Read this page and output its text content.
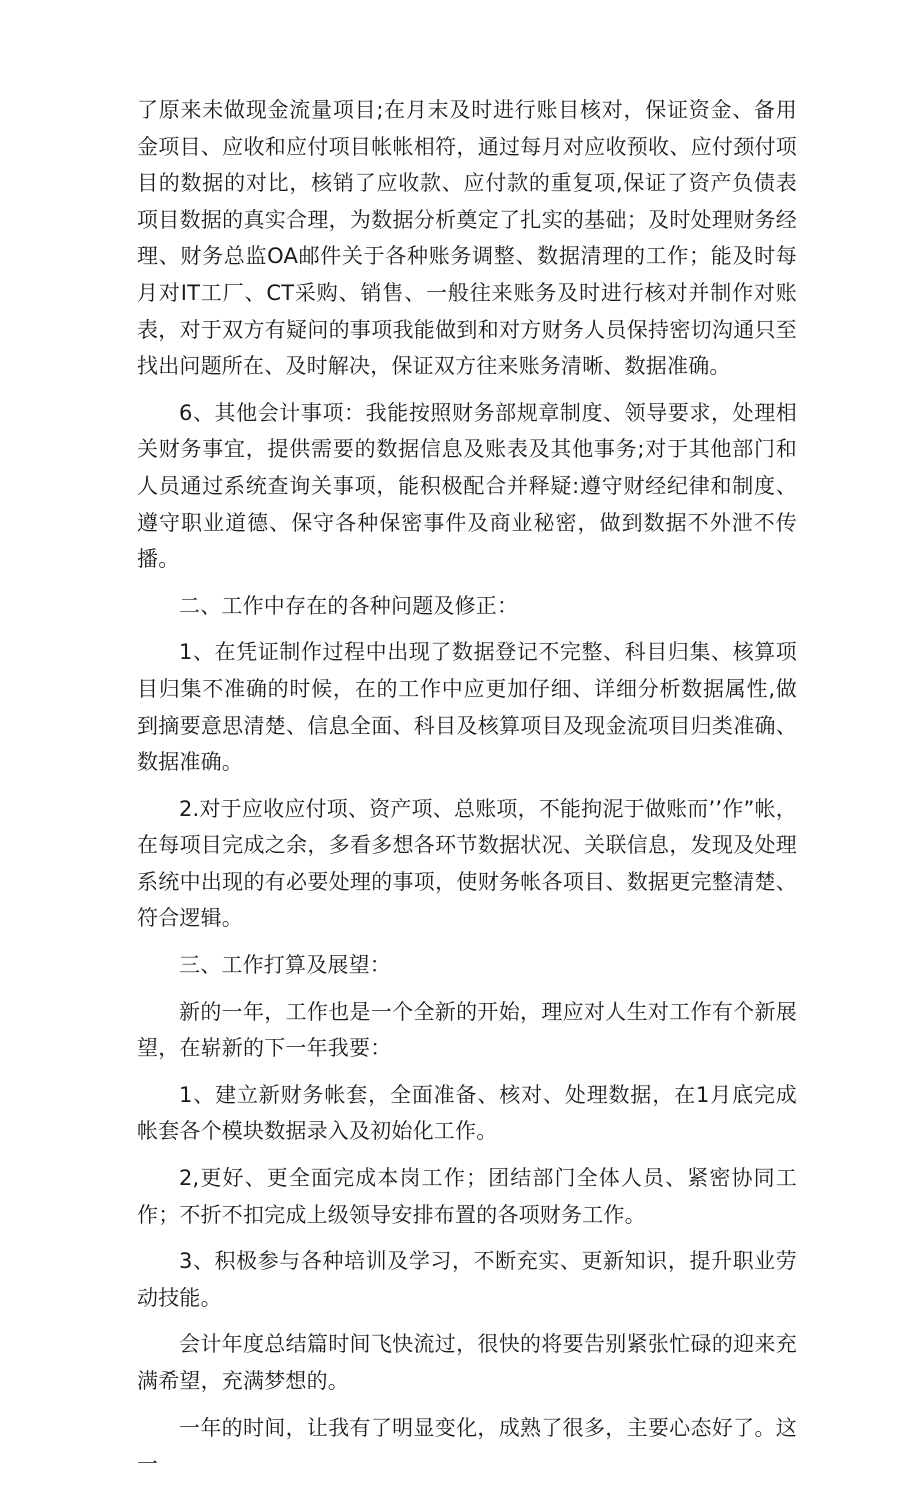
了原来未做现金流量项目;在月末及时进行账目核对，保证资金、备用金项目、应收和应付项目帐帐相符，通过每月对应收预收、应付颈付项目的数据的对比，核销了应收款、应付款的重复项,保证了资产负债表项目数据的真实合理，为数据分析奠定了扎实的基础；及时处理财务经理、财务总监OA邮件关于各种账务调整、数据清理的工作；能及时每月对IT工厂、CT采购、销售、一般往来账务及时进行核对并制作对账表，对于双方有疑问的事项我能做到和对方财务人员保持密切沟通只至找出问题所在、及时解决，保证双方往来账务清晰、数据准确。

6、其他会计事项：我能按照财务部规章制度、领导要求，处理相关财务事宜，提供需要的数据信息及账表及其他事务;对于其他部门和人员通过系统查询关事项，能积极配合并释疑:遵守财经纪律和制度、遵守职业道德、保守各种保密事件及商业秘密，做到数据不外泄不传播。

二、工作中存在的各种问题及修正：

1、在凭证制作过程中出现了数据登记不完整、科目归集、核算项目归集不准确的时候，在的工作中应更加仔细、详细分析数据属性,做到摘要意思清楚、信息全面、科目及核算项目及现金流项目归类准确、数据准确。

2.对于应收应付项、资产项、总账项，不能拘泥于做账而’’作”帐，在每项目完成之余，多看多想各环节数据状况、关联信息，发现及处理系统中出现的有必要处理的事项，使财务帐各项目、数据更完整清楚、符合逻辑。

三、工作打算及展望：

新的一年，工作也是一个全新的开始，理应对人生对工作有个新展望，在崭新的下一年我要：

1、建立新财务帐套，全面准备、核对、处理数据，在1月底完成帐套各个模块数据录入及初始化工作。

2,更好、更全面完成本岗工作；团结部门全体人员、紧密协同工作；不折不扣完成上级领导安排布置的各项财务工作。

3、积极参与各种培训及学习，不断充实、更新知识，提升职业劳动技能。

会计年度总结篇时间飞快流过，很快的将要告别紧张忙碌的迎来充满希望，充满梦想的。

一年的时间，让我有了明显变化，成熟了很多，主要心态好了。这一
